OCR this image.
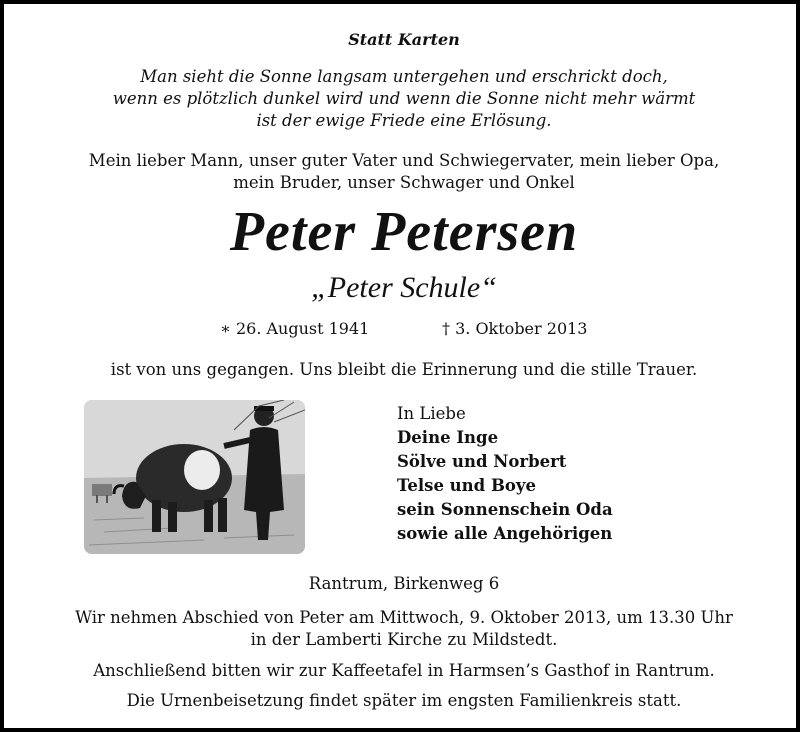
Statt Karten
Man sieht die Sonne langsam untergehen und erschrickt doch,
wenn es plötzlich dunkel wird und wenn die Sonne nicht mehr wärmt
ist der ewige Friede eine Erlösung.
Mein lieber Mann, unser guter Vater und Schwiegervater, mein lieber Opa,
mein Bruder, unser Schwager und Onkel
Peter Petersen
„Peter Schule“
∗ 26. August 1941	† 3. Oktober 2013
ist von uns gegangen. Uns bleibt die Erinnerung und die stille Trauer.
In Liebe
Deine Inge
Sölve und Norbert
Telse und Boye
sein Sonnenschein Oda
sowie alle Angehörigen
Rantrum, Birkenweg 6
Wir nehmen Abschied von Peter am Mittwoch, 9. Oktober 2013, um 13.30 Uhr
in der Lamberti Kirche zu Mildstedt.
Anschließend bitten wir zur Kaffeetafel in Harmsen’s Gasthof in Rantrum.
Die Urnenbeisetzung findet später im engsten Familienkreis statt.
